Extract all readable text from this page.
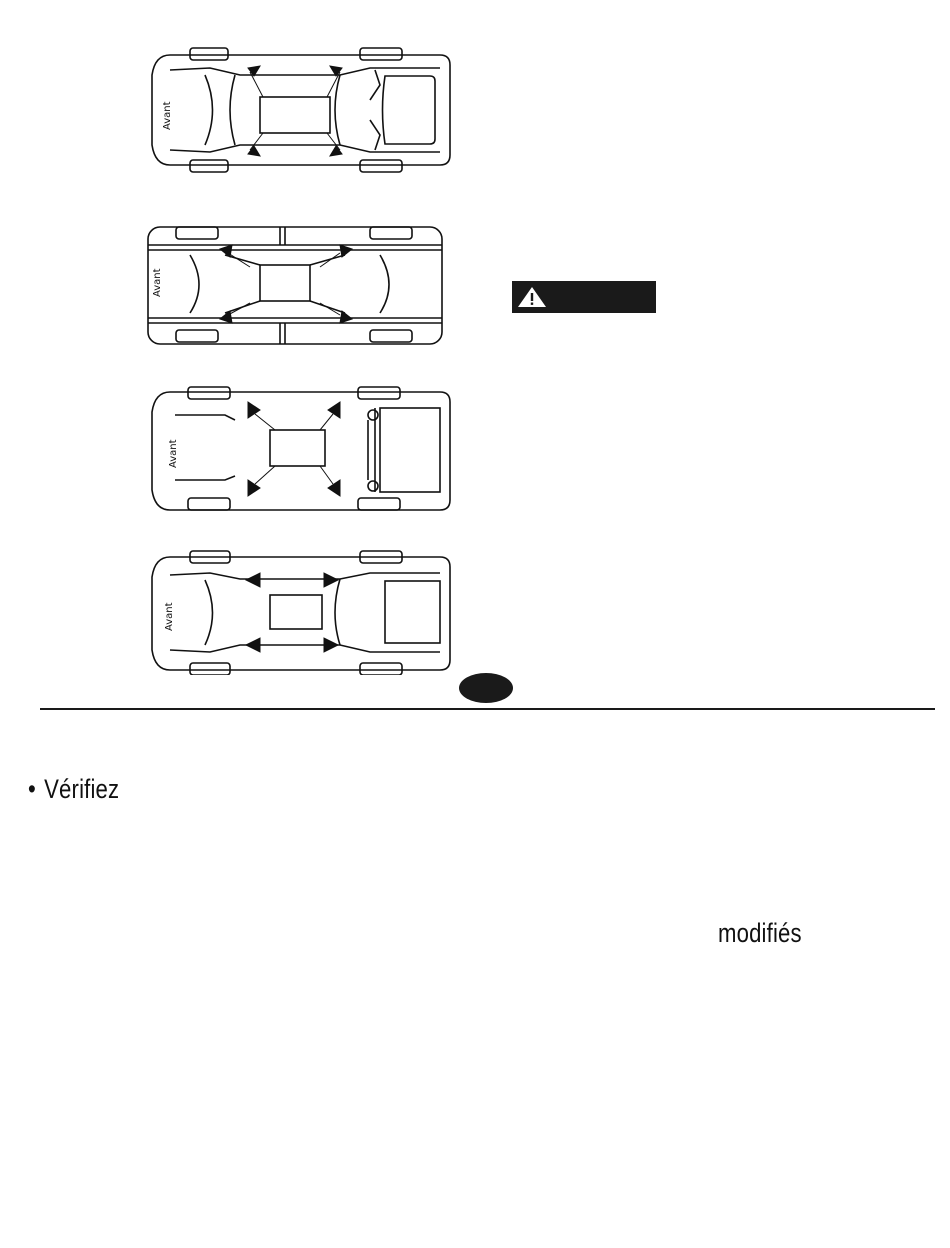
Avant
Avant
Avant
Avant
• Vérifiez
modifiés
